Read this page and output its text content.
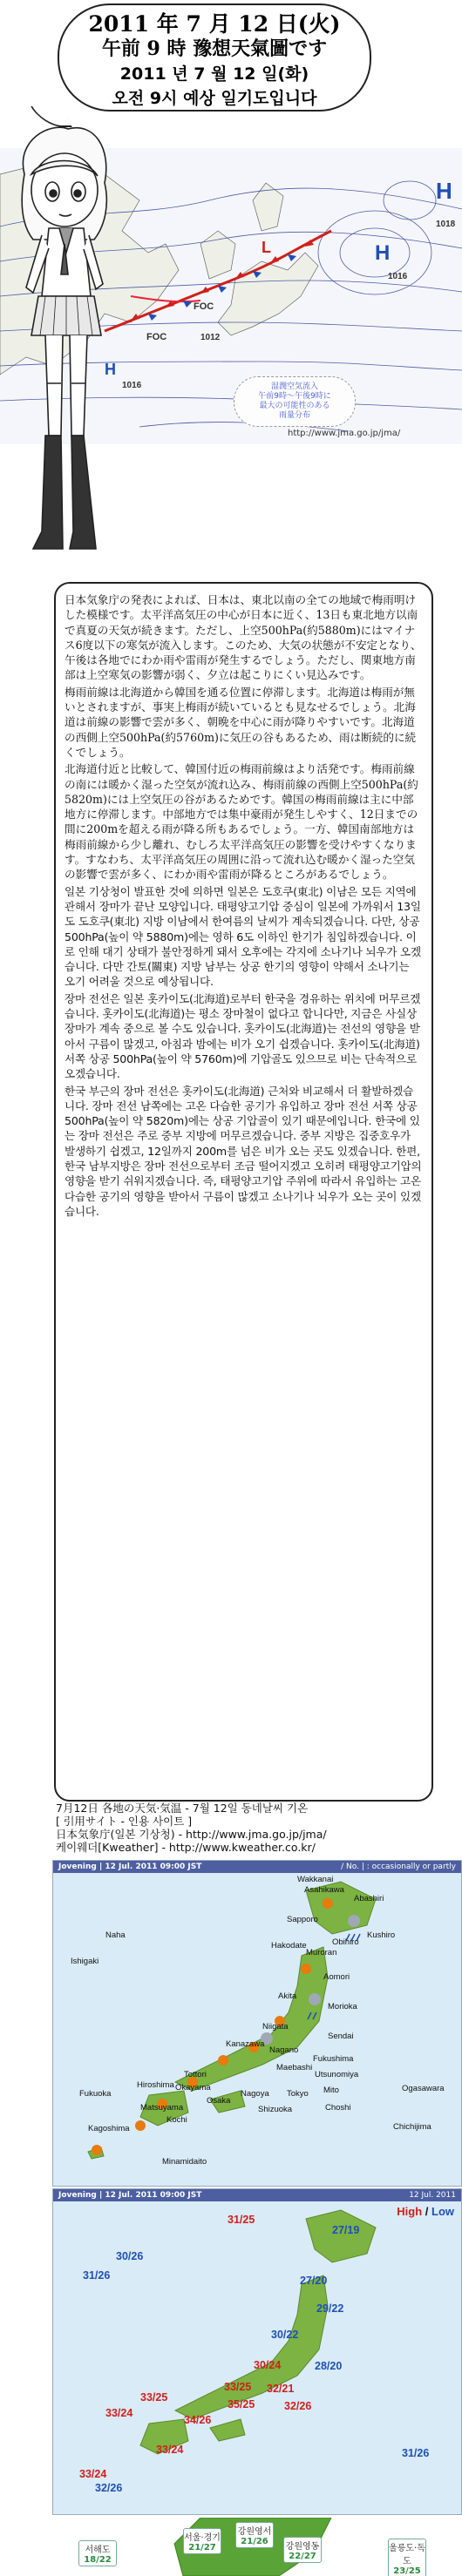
2011 年 7 月 12 日(火)
午前 9 時 豫想天氣圖です
2011 년 7 월 12 일(화)
오전 9시 예상 일기도입니다
H
H
L
FOC
FOC
1018
1016
1012
H
1016	湿潤空気流入
午前9時～午後9時に
最大の可能性のある
雨量分布
http://www.jma.go.jp/jma/

日本気象庁の発表によれば、日本は、東北以南の全ての地域で梅雨明けした模様です。太平洋高気圧の中心が日本に近く、13日も東北地方以南で真夏の天気が続きます。ただし、上空500hPa(約5880m)にはマイナス6度以下の寒気が流入します。このため、大気の状態が不安定となり、午後は各地でにわか雨や雷雨が発生するでしょう。ただし、関東地方南部は上空寒気の影響が弱く、夕立は起こりにくい見込みです。

梅雨前線は北海道から韓国を通る位置に停滞します。北海道は梅雨が無いとされますが、事実上梅雨が続いているとも見なせるでしょう。北海道は前線の影響で雲が多く、朝晩を中心に雨が降りやすいです。北海道の西側上空500hPa(約5760m)に気圧の谷もあるため、雨は断続的に続くでしょう。

北海道付近と比較して、韓国付近の梅雨前線はより活発です。梅雨前線の南には暖かく湿った空気が流れ込み、梅雨前線の西側上空500hPa(約5820m)には上空気圧の谷があるためです。韓国の梅雨前線は主に中部地方に停滞します。中部地方では集中豪雨が発生しやすく、12日までの間に200mを超える雨が降る所もあるでしょう。一方、韓国南部地方は梅雨前線から少し離れ、むしろ太平洋高気圧の影響を受けやすくなります。すなわち、太平洋高気圧の周囲に沿って流れ込む暖かく湿った空気の影響で雲が多く、にわか雨や雷雨が降るところがあるでしょう。

일본 기상청이 발표한 것에 의하면 일본은 도호쿠(東北) 이남은 모든 지역에 관해서 장마가 끝난 모양입니다. 태평양고기압 중심이 일본에 가까워서 13일도 도호쿠(東北) 지방 이남에서 한여름의 날씨가 계속되겠습니다. 다만, 상공 500hPa(높이 약 5880m)에는 영하 6도 이하인 한기가 침입하겠습니다. 이로 인해 대기 상태가 불안정하게 돼서 오후에는 각지에 소나기나 뇌우가 오겠습니다. 다만 간토(關東) 지방 남부는 상공 한기의 영향이 약해서 소나기는 오기 어려울 것으로 예상됩니다.

장마 전선은 일본 홋카이도(北海道)로부터 한국을 경유하는 위치에 머무르겠습니다. 홋카이도(北海道)는 평소 장마철이 없다고 합니다만, 지금은 사실상 장마가 계속 중으로 볼 수도 있습니다. 홋카이도(北海道)는 전선의 영향을 받아서 구름이 많겠고, 아침과 밤에는 비가 오기 쉽겠습니다. 홋카이도(北海道) 서쪽 상공 500hPa(높이 약 5760m)에 기압골도 있으므로 비는 단속적으로 오겠습니다.

한국 부근의 장마 전선은 홋카이도(北海道) 근처와 비교해서 더 활발하겠습니다. 장마 전선 남쪽에는 고온 다습한 공기가 유입하고 장마 전선 서쪽 상공 500hPa(높이 약 5820m)에는 상공 기압골이 있기 때문에입니다. 한국에 있는 장마 전선은 주로 중부 지방에 머무르겠습니다. 중부 지방은 집중호우가 발생하기 쉽겠고, 12일까지 200m를 넘은 비가 오는 곳도 있겠습니다. 한편, 한국 남부지방은 장마 전선으로부터 조금 떨어지겠고 오히려 태평양고기압의 영향을 받기 쉬워지겠습니다. 즉, 태평양고기압 주위에 따라서 유입하는 고온 다습한 공기의 영향을 받아서 구름이 많겠고 소나기나 뇌우가 오는 곳이 있겠습니다.

7月12日 各地の天気·気温 - 7월 12일 동네날씨 기온
[ 引用サイト - 인용 사이트 ]
日本気象庁(일본 기상청) - http://www.jma.go.jp/jma/
케이웨더[Kweather] - http://www.kweather.co.kr/
/ No. | : occasionally or partly
Jovening | 12 Jul. 2011 09:00 JST
Asahikawa
Abashiri
Wakkanai
Sapporo
Kushiro
Obihiro
Hakodate
Muroran
Aomori
Akita
Morioka
Niigata
Sendai
Kanazawa
Nagano
Fukushima
Maebashi
Utsunomiya
Tokyo Mito
Nagoya
Osaka
Choshi
Shizuoka
Matsuyama
Hiroshima Okayama
Tottori
Fukuoka
Kochi
Kagoshima
Naha
Ishigaki
Chichijima
Ogasawara
Minamidaito
12 Jul. 2011
Jovening | 12 Jul. 2011 09:00 JST
High / Low
31/25
31/26
30/26
33/24
33/24
33/25
34/26
35/25	32/26
28/20
27/20
27/19
30/24
31/26
33/24
32/21
29/22
33/25
30/22
32/26
서해도
18/22
서울·경기
21/27
강원영서
21/26
강원영동
22/27
울릉도·독도
23/25
